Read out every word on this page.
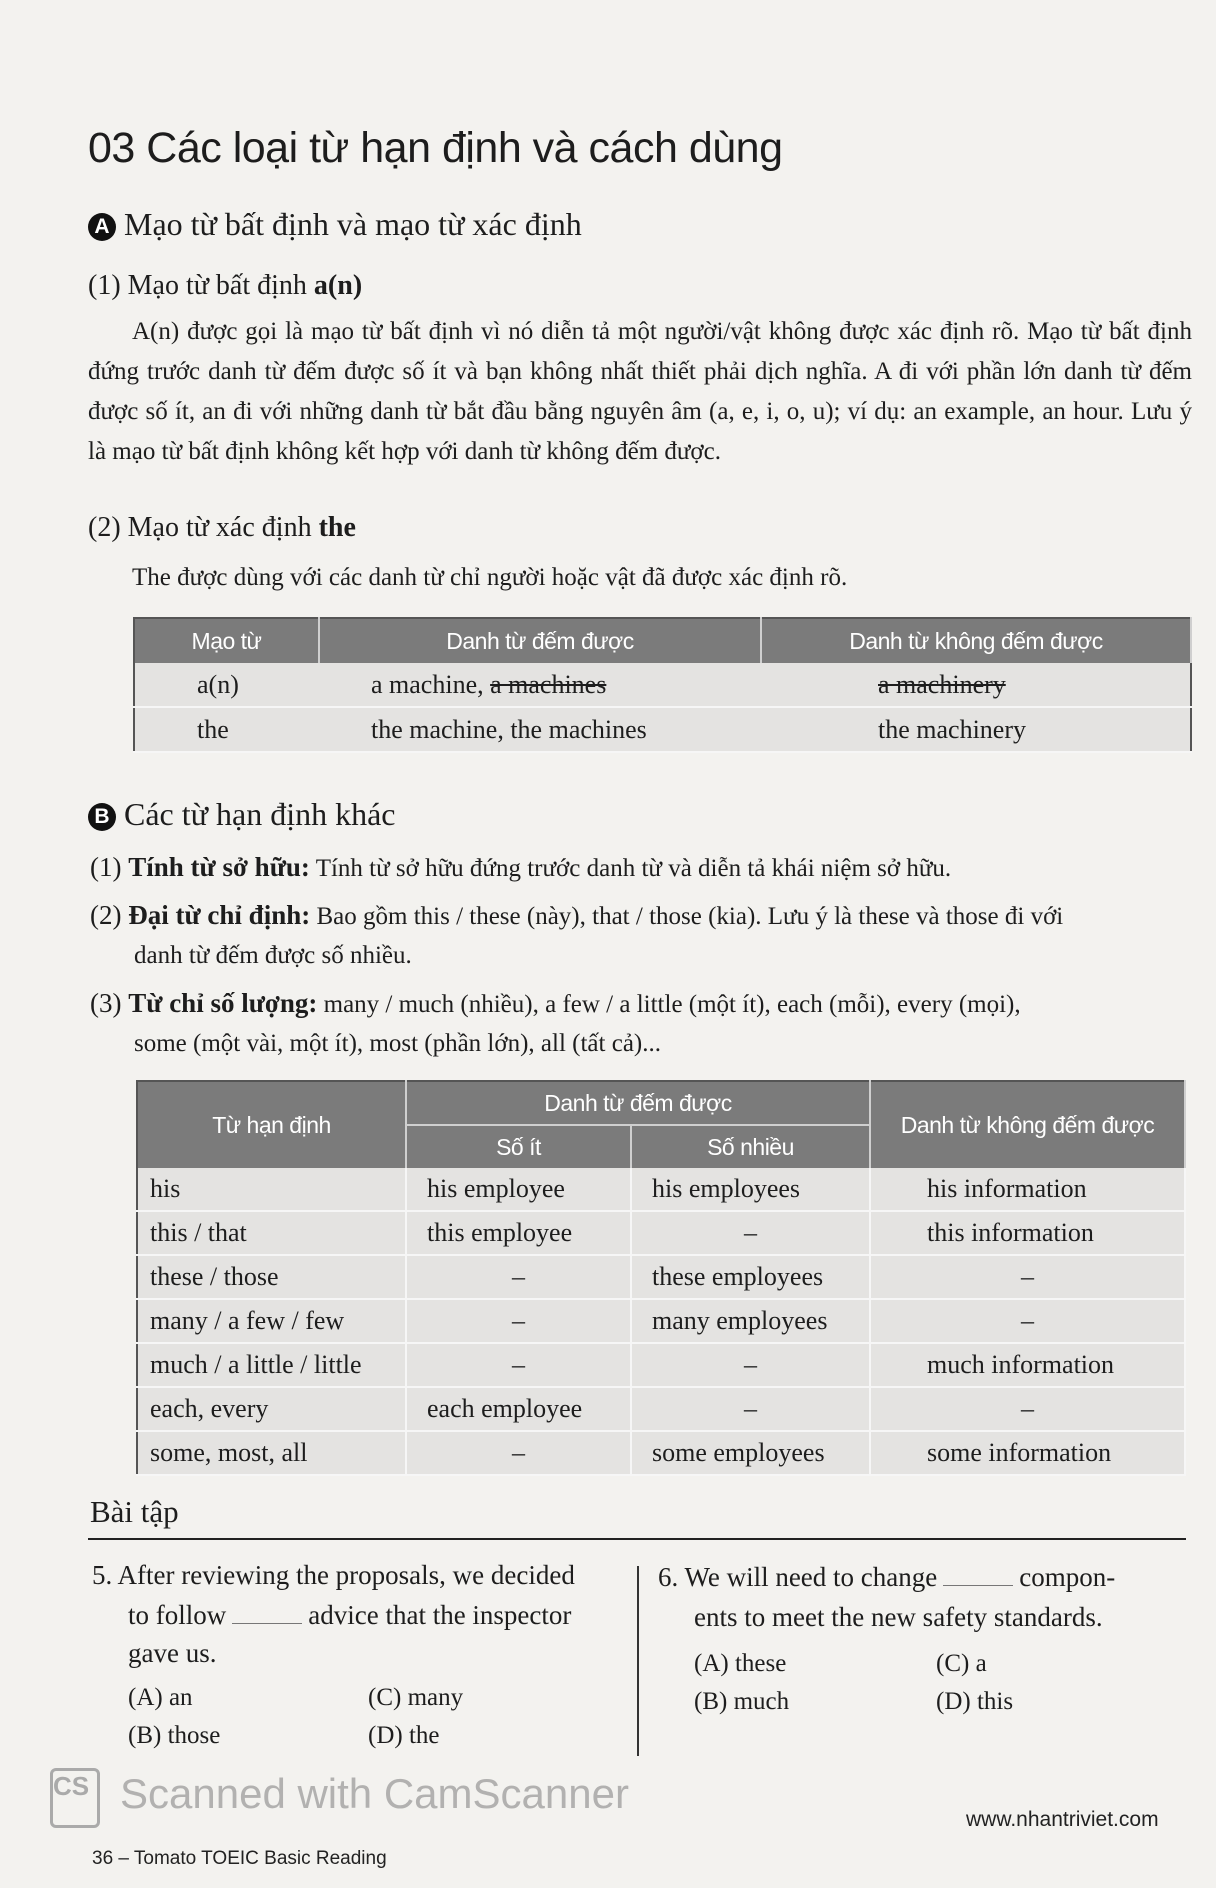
03 Các loại từ hạn định và cách dùng
A Mạo từ bất định và mạo từ xác định
(1) Mạo từ bất định a(n)
A(n) được gọi là mạo từ bất định vì nó diễn tả một người/vật không được xác định rõ. Mạo từ bất định đứng trước danh từ đếm được số ít và bạn không nhất thiết phải dịch nghĩa. A đi với phần lớn danh từ đếm được số ít, an đi với những danh từ bắt đầu bằng nguyên âm (a, e, i, o, u); ví dụ: an example, an hour. Lưu ý là mạo từ bất định không kết hợp với danh từ không đếm được.
(2) Mạo từ xác định the
The được dùng với các danh từ chỉ người hoặc vật đã được xác định rõ.
Mạo từ	Danh từ đếm được	Danh từ không đếm được
a(n)	a machine, a machines	a machinery
the	the machine, the machines	the machinery
B Các từ hạn định khác
(1) Tính từ sở hữu: Tính từ sở hữu đứng trước danh từ và diễn tả khái niệm sở hữu.
(2) Đại từ chỉ định: Bao gồm this / these (này), that / those (kia). Lưu ý là these và those đi với
danh từ đếm được số nhiều.
(3) Từ chỉ số lượng: many / much (nhiều), a few / a little (một ít), each (mỗi), every (mọi),
some (một vài, một ít), most (phần lớn), all (tất cả)...
Từ hạn định	Danh từ đếm được		Danh từ không đếm được
	Số ít	Số nhiều	
his	his employee	his employees	his information
this / that	this employee	–	this information
these / those	–	these employees	–
many / a few / few	–	many employees	–
much / a little / little	–	–	much information
each, every	each employee	–	–
some, most, all	–	some employees	some information
Bài tập
5. After reviewing the proposals, we decided
to follow	advice that the inspector
gave us.
(A) an
(B) those
(C) many
(D) the
6. We will need to change	compon-
ents to meet the new safety standards.
(A) these
(B) much
(C) a
(D) this
CS Scanned with CamScanner
36 – Tomato TOEIC Basic Reading
www.nhantriviet.com
